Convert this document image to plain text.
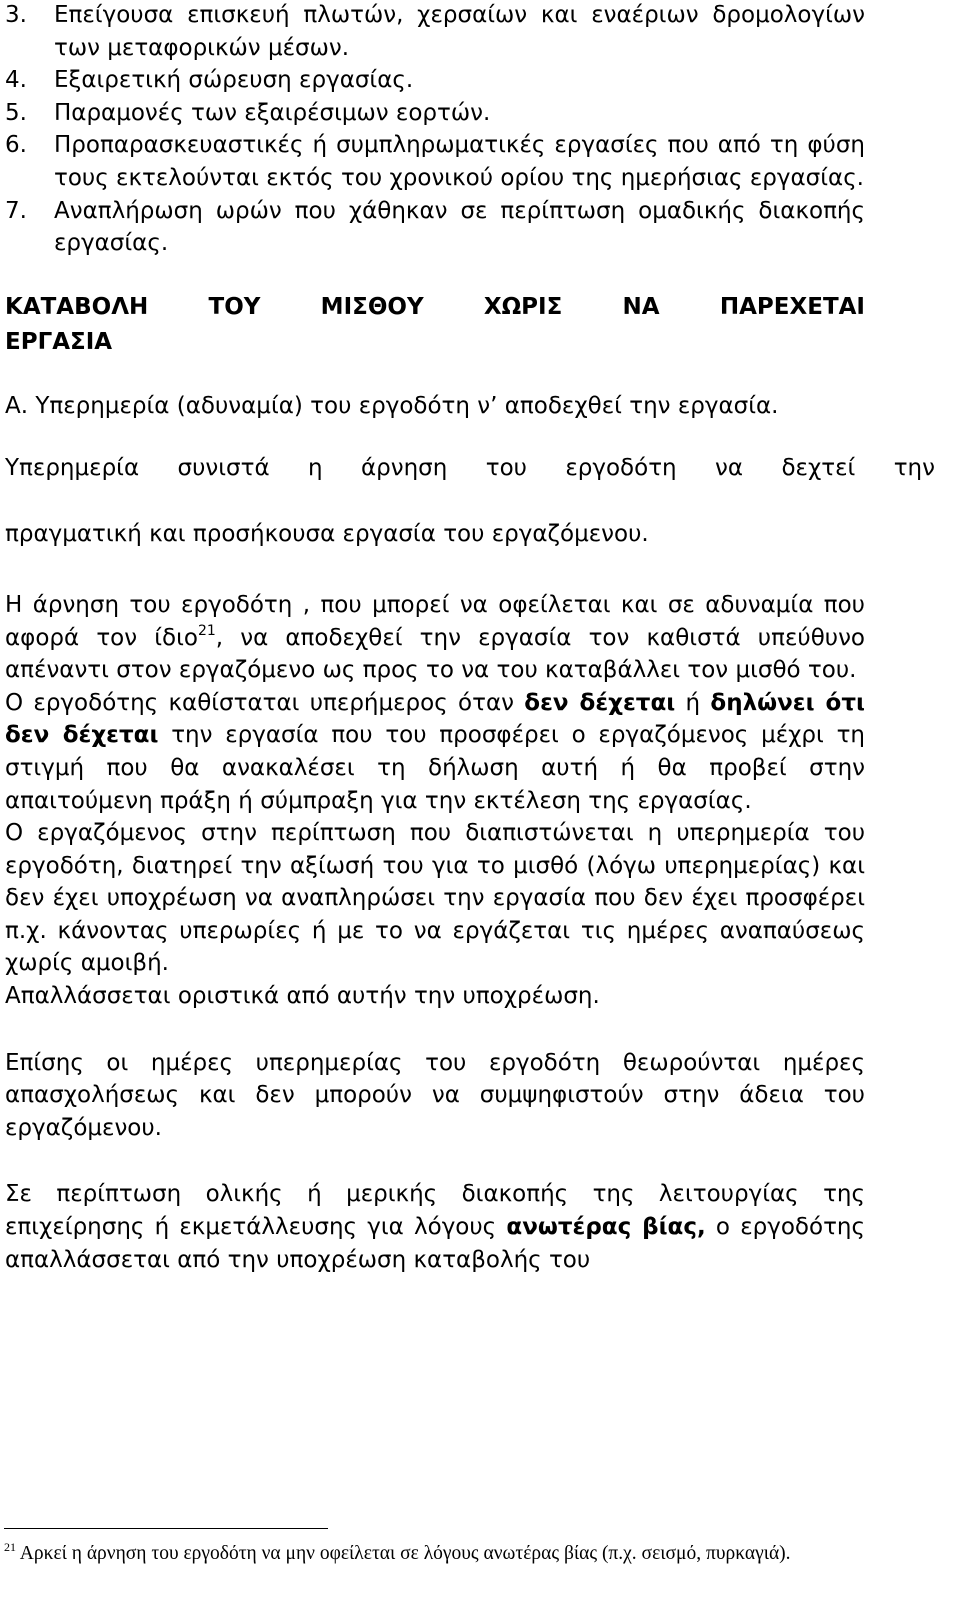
3. Επείγουσα επισκευή πλωτών, χερσαίων και εναέριων δρομολογίων των μεταφορικών μέσων.
4. Εξαιρετική σώρευση εργασίας.
5. Παραμονές των εξαιρέσιμων εορτών.
6. Προπαρασκευαστικές ή συμπληρωματικές εργασίες που από τη φύση τους εκτελούνται εκτός του χρονικού ορίου της ημερήσιας εργασίας.
7. Αναπλήρωση ωρών που χάθηκαν σε περίπτωση ομαδικής διακοπής εργασίας.

ΚΑΤΑΒΟΛΗ ΤΟΥ ΜΙΣΘΟΥ ΧΩΡΙΣ ΝΑ ΠΑΡΕΧΕΤΑΙ ΕΡΓΑΣΙΑ

Α. Υπερημερία (αδυναμία) του εργοδότη ν’ αποδεχθεί την εργασία.

Υπερημερία συνιστά η άρνηση του εργοδότη να δεχτεί την

πραγματική και προσήκουσα εργασία του εργαζόμενου.

Η άρνηση του εργοδότη , που μπορεί να οφείλεται και σε αδυναμία που αφορά τον ίδιο$^{21}$, να αποδεχθεί την εργασία τον καθιστά υπεύθυνο απέναντι στον εργαζόμενο ως προς το να του καταβάλλει τον μισθό του.

Ο εργοδότης καθίσταται υπερήμερος όταν δεν δέχεται ή δηλώνει ότι δεν δέχεται την εργασία που του προσφέρει ο εργαζόμενος μέχρι τη στιγμή που θα ανακαλέσει τη δήλωση αυτή ή θα προβεί στην απαιτούμενη πράξη ή σύμπραξη για την εκτέλεση της εργασίας.

Ο εργαζόμενος στην περίπτωση που διαπιστώνεται η υπερημερία του εργοδότη, διατηρεί την αξίωσή του για το μισθό (λόγω υπερημερίας) και δεν έχει υποχρέωση να αναπληρώσει την εργασία που δεν έχει προσφέρει π.χ. κάνοντας υπερωρίες ή με το να εργάζεται τις ημέρες αναπαύσεως χωρίς αμοιβή.

Απαλλάσσεται οριστικά από αυτήν την υποχρέωση.

Επίσης οι ημέρες υπερημερίας του εργοδότη θεωρούνται ημέρες απασχολήσεως και δεν μπορούν να συμψηφιστούν στην άδεια του εργαζόμενου.

Σε περίπτωση ολικής ή μερικής διακοπής της λειτουργίας της επιχείρησης ή εκμετάλλευσης για λόγους ανωτέρας βίας, ο εργοδότης απαλλάσσεται από την υποχρέωση καταβολής του

$^{21}$ Αρκεί η άρνηση του εργοδότη να μην οφείλεται σε λόγους ανωτέρας βίας (π.χ. σεισμό, πυρκαγιά).
